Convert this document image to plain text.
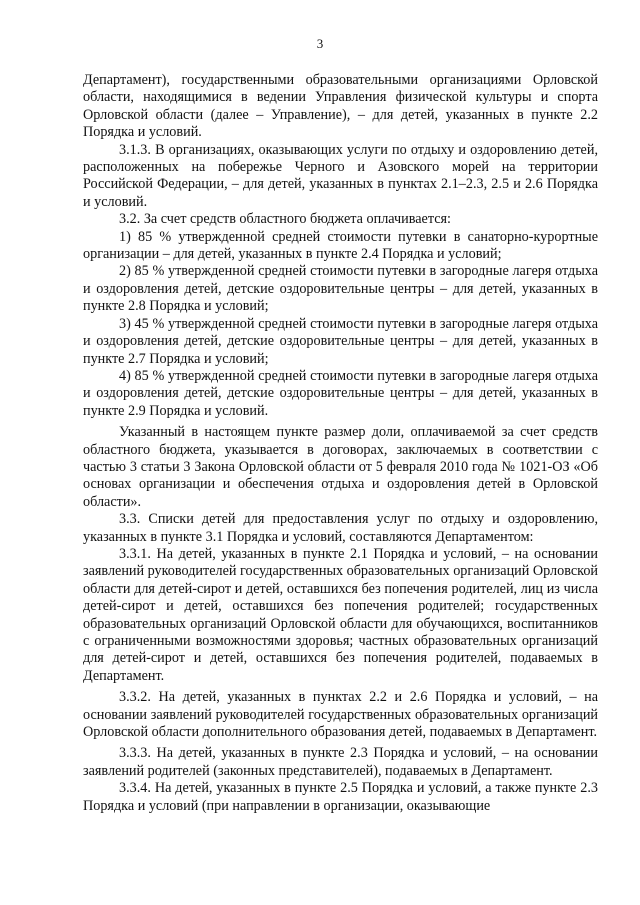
3

Департамент), государственными образовательными организациями Орловской области, находящимися в ведении Управления физической культуры и спорта Орловской области (далее – Управление), – для детей, указанных в пункте 2.2 Порядка и условий.

3.1.3. В организациях, оказывающих услуги по отдыху и оздоровлению детей, расположенных на побережье Черного и Азовского морей на территории Российской Федерации, – для детей, указанных в пунктах 2.1–2.3, 2.5 и 2.6 Порядка и условий.

3.2. За счет средств областного бюджета оплачивается:

1) 85 % утвержденной средней стоимости путевки в санаторно-курортные организации – для детей, указанных в пункте 2.4 Порядка и условий;

2) 85 % утвержденной средней стоимости путевки в загородные лагеря отдыха и оздоровления детей, детские оздоровительные центры – для детей, указанных в пункте 2.8 Порядка и условий;

3) 45 % утвержденной средней стоимости путевки в загородные лагеря отдыха и оздоровления детей, детские оздоровительные центры – для детей, указанных в пункте 2.7 Порядка и условий;

4) 85 % утвержденной средней стоимости путевки в загородные лагеря отдыха и оздоровления детей, детские оздоровительные центры – для детей, указанных в пункте 2.9 Порядка и условий.

Указанный в настоящем пункте размер доли, оплачиваемой за счет средств областного бюджета, указывается в договорах, заключаемых в соответствии с частью 3 статьи 3 Закона Орловской области от 5 февраля 2010 года № 1021-ОЗ «Об основах организации и обеспечения отдыха и оздоровления детей в Орловской области».

3.3. Списки детей для предоставления услуг по отдыху и оздоровлению, указанных в пункте 3.1 Порядка и условий, составляются Департаментом:

3.3.1. На детей, указанных в пункте 2.1 Порядка и условий, – на основании заявлений руководителей государственных образовательных организаций Орловской области для детей-сирот и детей, оставшихся без попечения родителей, лиц из числа детей-сирот и детей, оставшихся без попечения родителей; государственных образовательных организаций Орловской области для обучающихся, воспитанников с ограниченными возможностями здоровья; частных образовательных организаций для детей-сирот и детей, оставшихся без попечения родителей, подаваемых в Департамент.

3.3.2. На детей, указанных в пунктах 2.2 и 2.6 Порядка и условий, – на основании заявлений руководителей государственных образовательных организаций Орловской области дополнительного образования детей, подаваемых в Департамент.

3.3.3. На детей, указанных в пункте 2.3 Порядка и условий, – на основании заявлений родителей (законных представителей), подаваемых в Департамент.

3.3.4. На детей, указанных в пункте 2.5 Порядка и условий, а также пункте 2.3 Порядка и условий (при направлении в организации, оказывающие
